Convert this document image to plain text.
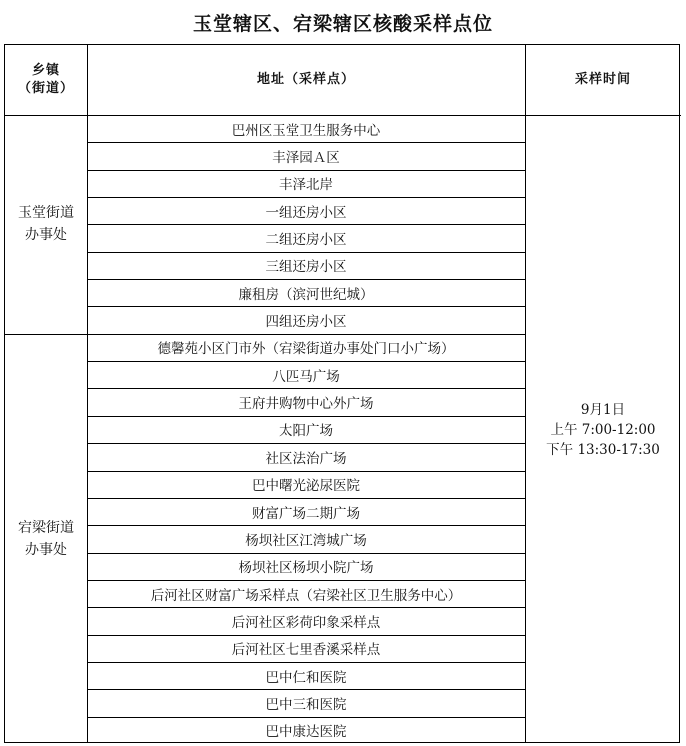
玉堂辖区、宕梁辖区核酸采样点位
乡镇
（街道）
地址（采样点）	采样时间
玉堂街道
办事处
宕梁街道
办事处
9月1日
上午 7:00-12:00
下午 13:30-17:30
巴州区玉堂卫生服务中心
丰泽园Ａ区
丰泽北岸
一组还房小区
二组还房小区
三组还房小区
廉租房（滨河世纪城）
四组还房小区
德馨苑小区门市外（宕梁街道办事处门口小广场）
八匹马广场
王府井购物中心外广场
太阳广场
社区法治广场
巴中曙光泌尿医院
财富广场二期广场
杨坝社区江湾城广场
杨坝社区杨坝小院广场
后河社区财富广场采样点（宕梁社区卫生服务中心）
后河社区彩荷印象采样点
后河社区七里香溪采样点
巴中仁和医院
巴中三和医院
巴中康达医院
